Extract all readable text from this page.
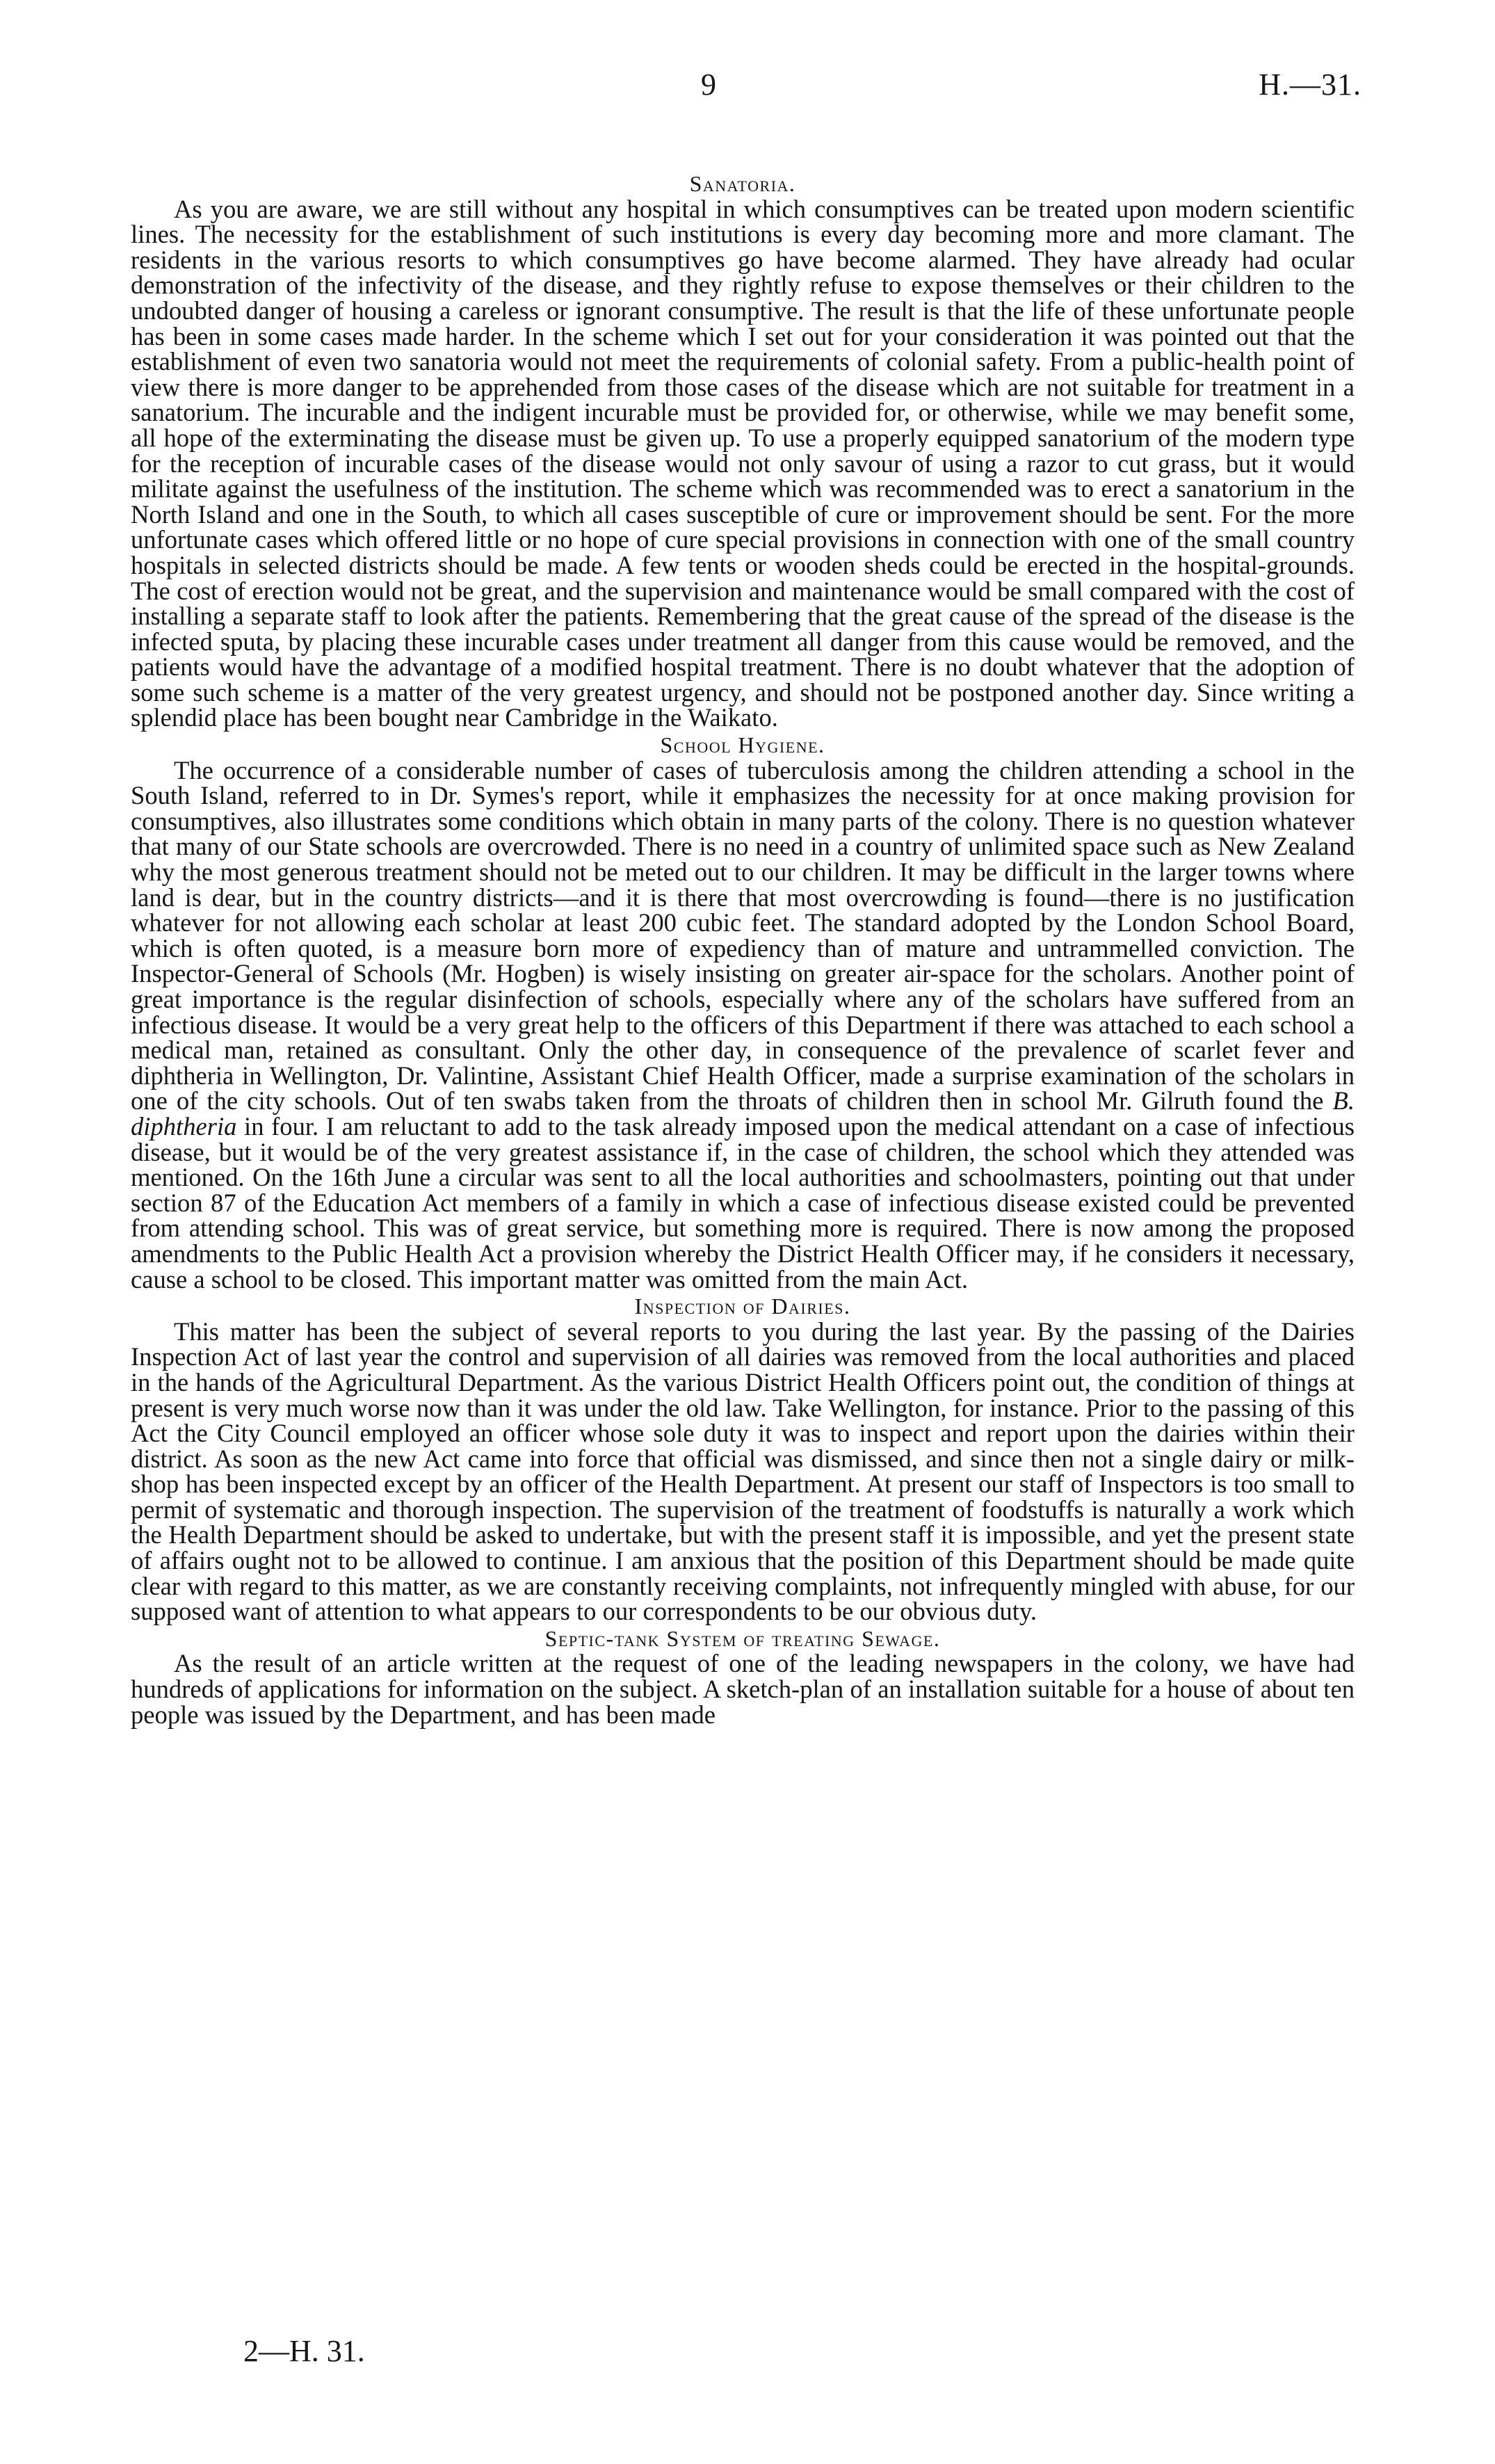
9	H.—31.
Sanatoria.

As you are aware, we are still without any hospital in which consumptives can be treated upon modern scientific lines. The necessity for the establishment of such institutions is every day becoming more and more clamant. The residents in the various resorts to which consumptives go have become alarmed. They have already had ocular demonstration of the infectivity of the disease, and they rightly refuse to expose themselves or their children to the undoubted danger of housing a careless or ignorant consumptive. The result is that the life of these unfortunate people has been in some cases made harder. In the scheme which I set out for your consideration it was pointed out that the establishment of even two sanatoria would not meet the requirements of colonial safety. From a public-health point of view there is more danger to be apprehended from those cases of the disease which are not suitable for treatment in a sanatorium. The incurable and the indigent incurable must be provided for, or otherwise, while we may benefit some, all hope of the exterminating the disease must be given up. To use a properly equipped sanatorium of the modern type for the reception of incurable cases of the disease would not only savour of using a razor to cut grass, but it would militate against the usefulness of the institution. The scheme which was recommended was to erect a sanatorium in the North Island and one in the South, to which all cases susceptible of cure or improvement should be sent. For the more unfortunate cases which offered little or no hope of cure special provisions in connection with one of the small country hospitals in selected districts should be made. A few tents or wooden sheds could be erected in the hospital-grounds. The cost of erection would not be great, and the supervision and maintenance would be small compared with the cost of installing a separate staff to look after the patients. Remembering that the great cause of the spread of the disease is the infected sputa, by placing these incurable cases under treatment all danger from this cause would be removed, and the patients would have the advantage of a modified hospital treatment. There is no doubt whatever that the adoption of some such scheme is a matter of the very greatest urgency, and should not be postponed another day. Since writing a splendid place has been bought near Cambridge in the Waikato.

School Hygiene.

The occurrence of a considerable number of cases of tuberculosis among the children attending a school in the South Island, referred to in Dr. Symes's report, while it emphasizes the necessity for at once making provision for consumptives, also illustrates some conditions which obtain in many parts of the colony. There is no question whatever that many of our State schools are overcrowded. There is no need in a country of unlimited space such as New Zealand why the most generous treatment should not be meted out to our children. It may be difficult in the larger towns where land is dear, but in the country districts—and it is there that most overcrowding is found—there is no justification whatever for not allowing each scholar at least 200 cubic feet. The standard adopted by the London School Board, which is often quoted, is a measure born more of expediency than of mature and untrammelled conviction. The Inspector-General of Schools (Mr. Hogben) is wisely insisting on greater air-space for the scholars. Another point of great importance is the regular disinfection of schools, especially where any of the scholars have suffered from an infectious disease. It would be a very great help to the officers of this Department if there was attached to each school a medical man, retained as consultant. Only the other day, in consequence of the prevalence of scarlet fever and diphtheria in Wellington, Dr. Valintine, Assistant Chief Health Officer, made a surprise examination of the scholars in one of the city schools. Out of ten swabs taken from the throats of children then in school Mr. Gilruth found the B. diphtheria in four. I am reluctant to add to the task already imposed upon the medical attendant on a case of infectious disease, but it would be of the very greatest assistance if, in the case of children, the school which they attended was mentioned. On the 16th June a circular was sent to all the local authorities and schoolmasters, pointing out that under section 87 of the Education Act members of a family in which a case of infectious disease existed could be prevented from attending school. This was of great service, but something more is required. There is now among the proposed amendments to the Public Health Act a provision whereby the District Health Officer may, if he considers it necessary, cause a school to be closed. This important matter was omitted from the main Act.

Inspection of Dairies.

This matter has been the subject of several reports to you during the last year. By the passing of the Dairies Inspection Act of last year the control and supervision of all dairies was removed from the local authorities and placed in the hands of the Agricultural Department. As the various District Health Officers point out, the condition of things at present is very much worse now than it was under the old law. Take Wellington, for instance. Prior to the passing of this Act the City Council employed an officer whose sole duty it was to inspect and report upon the dairies within their district. As soon as the new Act came into force that official was dismissed, and since then not a single dairy or milk-shop has been inspected except by an officer of the Health Department. At present our staff of Inspectors is too small to permit of systematic and thorough inspection. The supervision of the treatment of foodstuffs is naturally a work which the Health Department should be asked to undertake, but with the present staff it is impossible, and yet the present state of affairs ought not to be allowed to continue. I am anxious that the position of this Department should be made quite clear with regard to this matter, as we are constantly receiving complaints, not infrequently mingled with abuse, for our supposed want of attention to what appears to our correspondents to be our obvious duty.

Septic-tank System of treating Sewage.

As the result of an article written at the request of one of the leading newspapers in the colony, we have had hundreds of applications for information on the subject. A sketch-plan of an installation suitable for a house of about ten people was issued by the Department, and has been made

2—H. 31.
